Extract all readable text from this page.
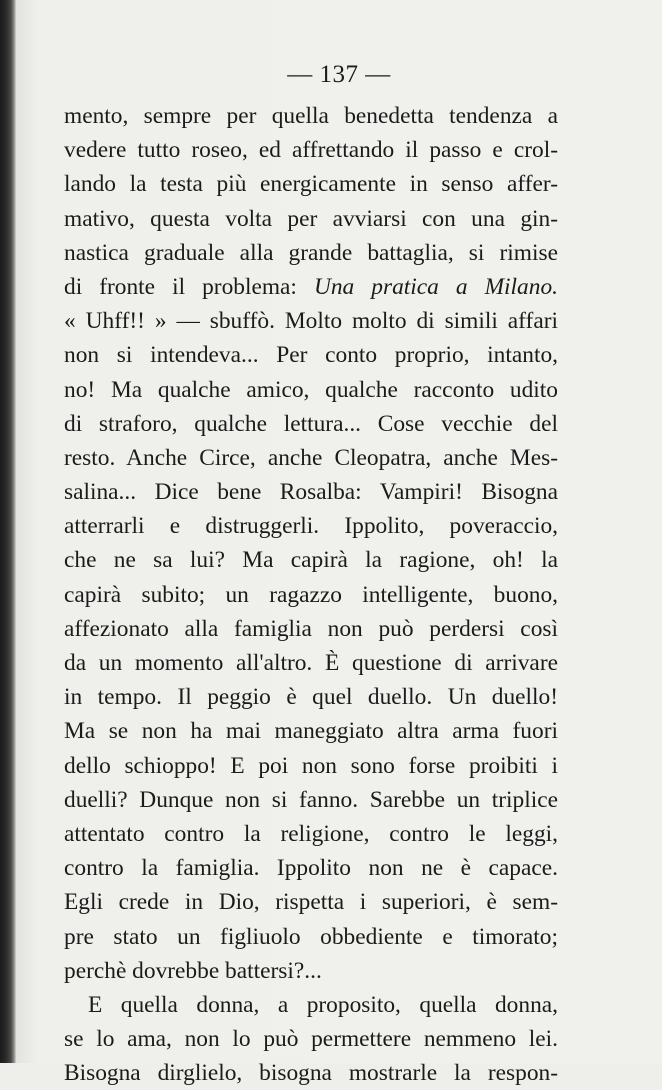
— 137 —
mento, sempre per quella benedetta tendenza a
vedere tutto roseo, ed affrettando il passo e crol-
lando la testa più energicamente in senso affer-
mativo, questa volta per avviarsi con una gin-
nastica graduale alla grande battaglia, si rimise
di fronte il problema: Una pratica a Milano.
« Uhff!! » — sbuffò. Molto molto di simili affari
non si intendeva... Per conto proprio, intanto,
no! Ma qualche amico, qualche racconto udito
di straforo, qualche lettura... Cose vecchie del
resto. Anche Circe, anche Cleopatra, anche Mes-
salina... Dice bene Rosalba: Vampiri! Bisogna
atterrarli e distruggerli. Ippolito, poveraccio,
che ne sa lui? Ma capirà la ragione, oh! la
capirà subito; un ragazzo intelligente, buono,
affezionato alla famiglia non può perdersi così
da un momento all'altro. È questione di arrivare
in tempo. Il peggio è quel duello. Un duello!
Ma se non ha mai maneggiato altra arma fuori
dello schioppo! E poi non sono forse proibiti i
duelli? Dunque non si fanno. Sarebbe un triplice
attentato contro la religione, contro le leggi,
contro la famiglia. Ippolito non ne è capace.
Egli crede in Dio, rispetta i superiori, è sem-
pre stato un figliuolo obbediente e timorato;
perchè dovrebbe battersi?...
E quella donna, a proposito, quella donna,
se lo ama, non lo può permettere nemmeno lei.
Bisogna dirglielo, bisogna mostrarle la respon-
